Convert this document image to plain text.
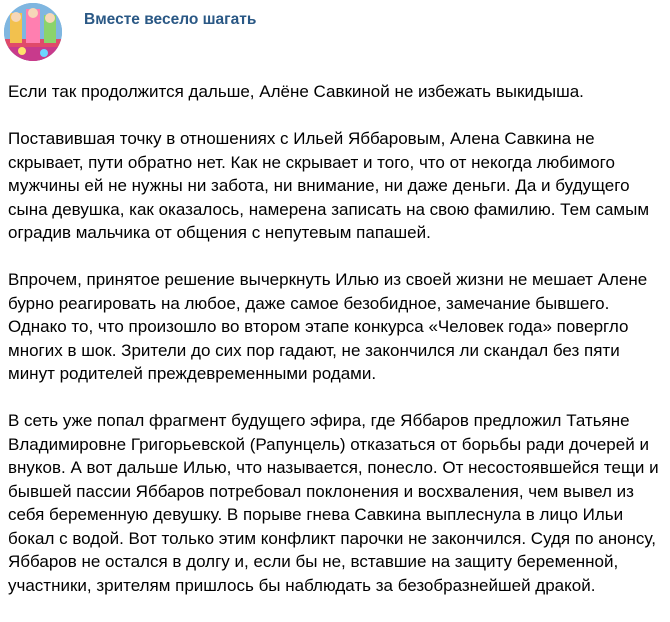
Вместе весело шагать

Если так продолжится дальше, Алёне Савкиной не избежать выкидыша.

Поставившая точку в отношениях с Ильей Яббаровым, Алена Савкина не
скрывает, пути обратно нет. Как не скрывает и того, что от некогда любимого
мужчины ей не нужны ни забота, ни внимание, ни даже деньги. Да и будущего
сына девушка, как оказалось, намерена записать на свою фамилию. Тем самым
оградив мальчика от общения с непутевым папашей.

Впрочем, принятое решение вычеркнуть Илью из своей жизни не мешает Алене
бурно реагировать на любое, даже самое безобидное, замечание бывшего.
Однако то, что произошло во втором этапе конкурса «Человек года» повергло
многих в шок. Зрители до сих пор гадают, не закончился ли скандал без пяти
минут родителей преждевременными родами.

В сеть уже попал фрагмент будущего эфира, где Яббаров предложил Татьяне
Владимировне Григорьевской (Рапунцель) отказаться от борьбы ради дочерей и
внуков. А вот дальше Илью, что называется, понесло. От несостоявшейся тещи и
бывшей пассии Яббаров потребовал поклонения и восхваления, чем вывел из
себя беременную девушку. В порыве гнева Савкина выплеснула в лицо Ильи
бокал с водой. Вот только этим конфликт парочки не закончился. Судя по анонсу,
Яббаров не остался в долгу и, если бы не, вставшие на защиту беременной,
участники, зрителям пришлось бы наблюдать за безобразнейшей дракой.
